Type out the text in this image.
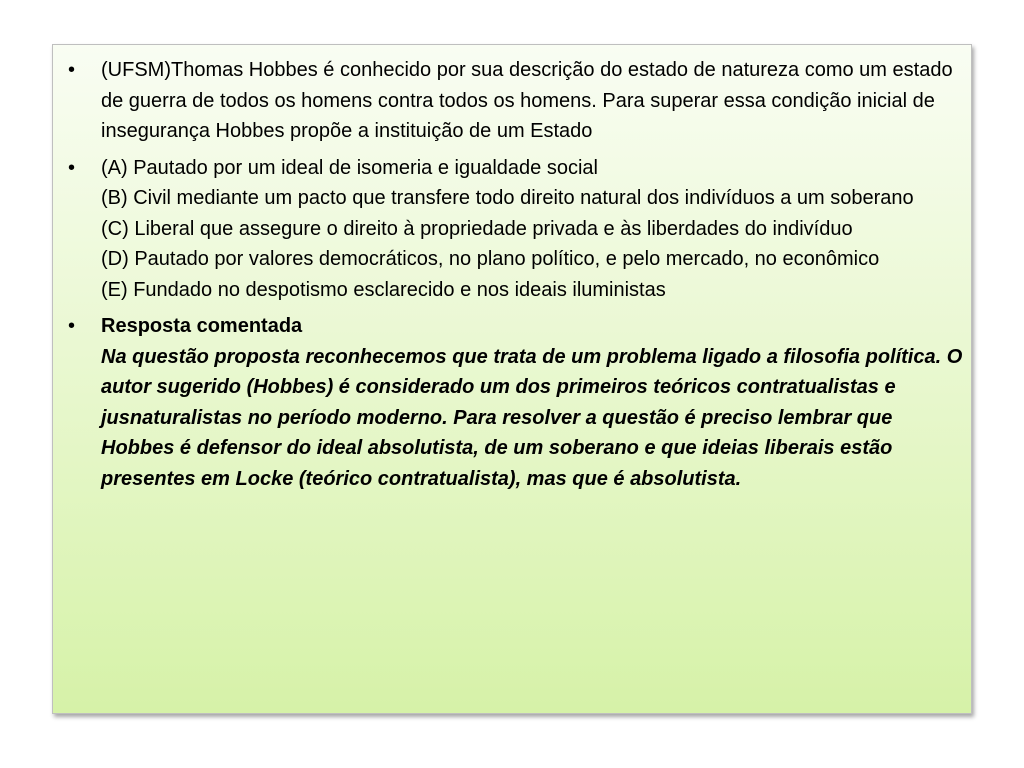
•	(UFSM)Thomas Hobbes é conhecido por sua descrição do estado de natureza como um estado de guerra de todos os homens contra todos os homens. Para superar essa condição inicial de insegurança Hobbes propõe a instituição de um Estado
•	(A) Pautado por um ideal de isomeria e igualdade social
(B) Civil mediante um pacto que transfere todo direito natural dos indivíduos a um soberano
(C) Liberal que assegure o direito à propriedade privada e às liberdades do indivíduo
(D) Pautado por valores democráticos, no plano político, e pelo mercado, no econômico
(E) Fundado no despotismo esclarecido e nos ideais iluministas
•	Resposta comentada
Na questão proposta reconhecemos que trata de um problema ligado a filosofia política. O autor sugerido (Hobbes) é considerado um dos primeiros teóricos contratualistas e jusnaturalistas no período moderno. Para resolver a questão é preciso lembrar que Hobbes é defensor do ideal absolutista, de um soberano e que ideias liberais estão presentes em Locke (teórico contratualista), mas que é absolutista.
